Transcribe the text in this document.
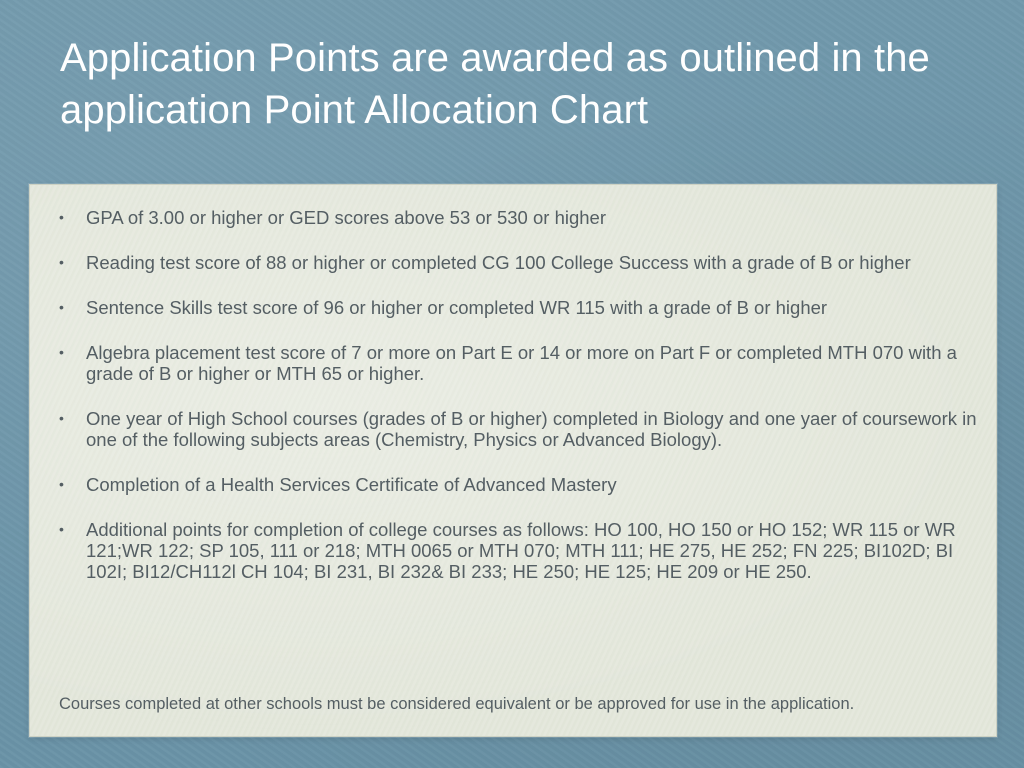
Application Points are awarded as outlined in the application Point Allocation Chart
• GPA of 3.00 or higher or GED scores above 53 or 530 or higher
• Reading test score of 88 or higher or completed CG 100 College Success with a grade of B or higher
• Sentence Skills test score of 96 or higher or completed WR 115 with a grade of B or higher
• Algebra placement test score of 7 or more on Part E or 14 or more on Part F or completed MTH 070 with a grade of B or higher or MTH 65 or higher.
• One year of High School courses (grades of B or higher) completed in Biology and one yaer of coursework in one of the following subjects areas (Chemistry, Physics or Advanced Biology).
• Completion of a Health Services Certificate of Advanced Mastery
• Additional points for completion of college courses as follows: HO 100, HO 150 or HO 152; WR 115 or WR 121;WR 122; SP 105, 111 or 218; MTH 0065 or MTH 070; MTH 111; HE 275, HE 252; FN 225; BI102D; BI 102I; BI12/CH112l CH 104; BI 231, BI 232& BI 233; HE 250; HE 125; HE 209 or HE 250.

Courses completed at other schools must be considered equivalent or be approved for use in the application.
